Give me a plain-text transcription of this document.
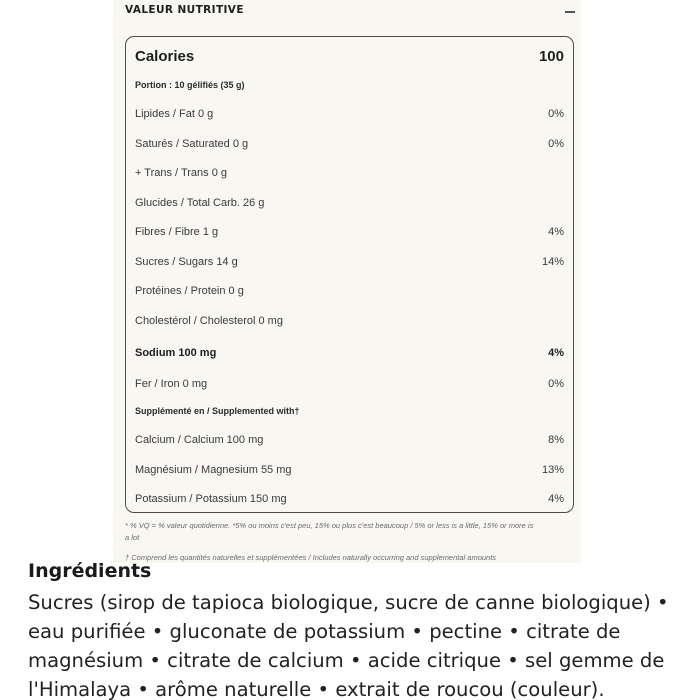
VALEUR NUTRITIVE
Calories	100
Portion : 10 gélifiés (35 g)
Lipides / Fat 0 g	0%
Saturés / Saturated 0 g	0%
+ Trans / Trans 0 g
Glucides / Total Carb. 26 g
Fibres / Fibre 1 g	4%
Sucres / Sugars 14 g	14%
Protéines / Protein 0 g
Cholestérol / Cholesterol 0 mg
Sodium 100 mg	4%
Fer / Iron 0 mg	0%
Supplémenté en / Supplemented with†
Calcium / Calcium 100 mg	8%
Magnésium / Magnesium 55 mg	13%
Potassium / Potassium 150 mg	4%
* % VQ = % valeur quotidienne. *5% ou moins c'est peu, 15% ou plus c'est beaucoup / 5% or less is a little, 15% or more is
a lot
† Comprend les quantités naturelles et supplémentées / Includes naturally occurring and supplemental amounts
Ingrédients
Sucres (sirop de tapioca biologique, sucre de canne biologique) •
eau purifiée • gluconate de potassium • pectine • citrate de
magnésium • citrate de calcium • acide citrique • sel gemme de
l'Himalaya • arôme naturelle • extrait de roucou (couleur).
